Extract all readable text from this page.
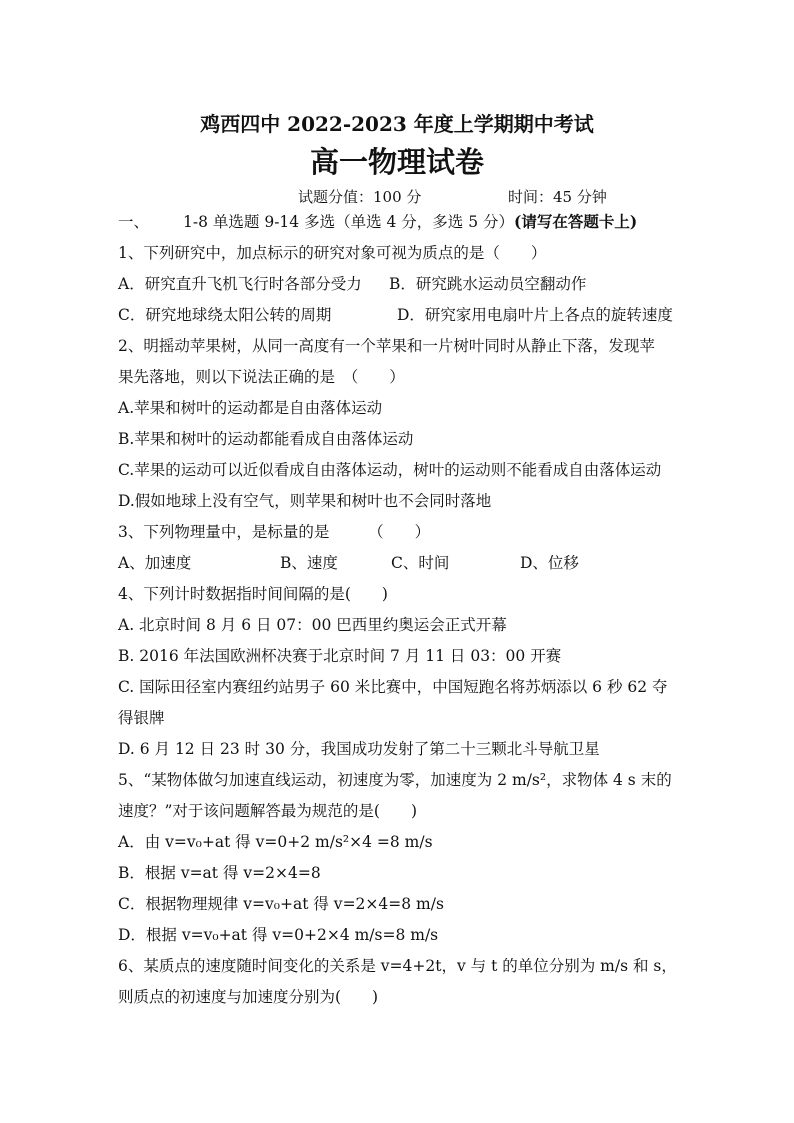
鸡西四中 2022-2023 年度上学期期中考试
高一物理试卷
试题分值：100 分	时间：45 分钟
一、 1-8 单选题 9-14 多选（单选 4 分，多选 5 分）(请写在答题卡上)
1、下列研究中，加点标示的研究对象可视为质点的是（　　）
A．研究直升飞机飞行时各部分受力 B．研究跳水运动员空翻动作
C．研究地球绕太阳公转的周期	D．研究家用电扇叶片上各点的旋转速度
2、明摇动苹果树，从同一高度有一个苹果和一片树叶同时从静止下落，发现苹
果先落地，则以下说法正确的是　（　　）
A.苹果和树叶的运动都是自由落体运动
B.苹果和树叶的运动都能看成自由落体运动
C.苹果的运动可以近似看成自由落体运动，树叶的运动则不能看成自由落体运动
D.假如地球上没有空气，则苹果和树叶也不会同时落地
3、下列物理量中，是标量的是　　　（　　）
A、加速度	B、速度	C、时间	D、位移
4、下列计时数据指时间间隔的是(　　)
A. 北京时间 8 月 6 日 07：00 巴西里约奥运会正式开幕
B. 2016 年法国欧洲杯决赛于北京时间 7 月 11 日 03：00 开赛
C. 国际田径室内赛纽约站男子 60 米比赛中，中国短跑名将苏炳添以 6 秒 62 夺
得银牌
D. 6 月 12 日 23 时 30 分，我国成功发射了第二十三颗北斗导航卫星
5、“某物体做匀加速直线运动，初速度为零，加速度为 2 m/s²，求物体 4 s 末的
速度？”对于该问题解答最为规范的是(　　)
A．由 v=v₀+at 得 v=0+2 m/s²×4 =8 m/s
B．根据 v=at 得 v=2×4=8
C．根据物理规律 v=v₀+at 得 v=2×4=8 m/s
D．根据 v=v₀+at 得 v=0+2×4 m/s=8 m/s
6、某质点的速度随时间变化的关系是 v=4+2t，v 与 t 的单位分别为 m/s 和 s，
则质点的初速度与加速度分别为(　　)
